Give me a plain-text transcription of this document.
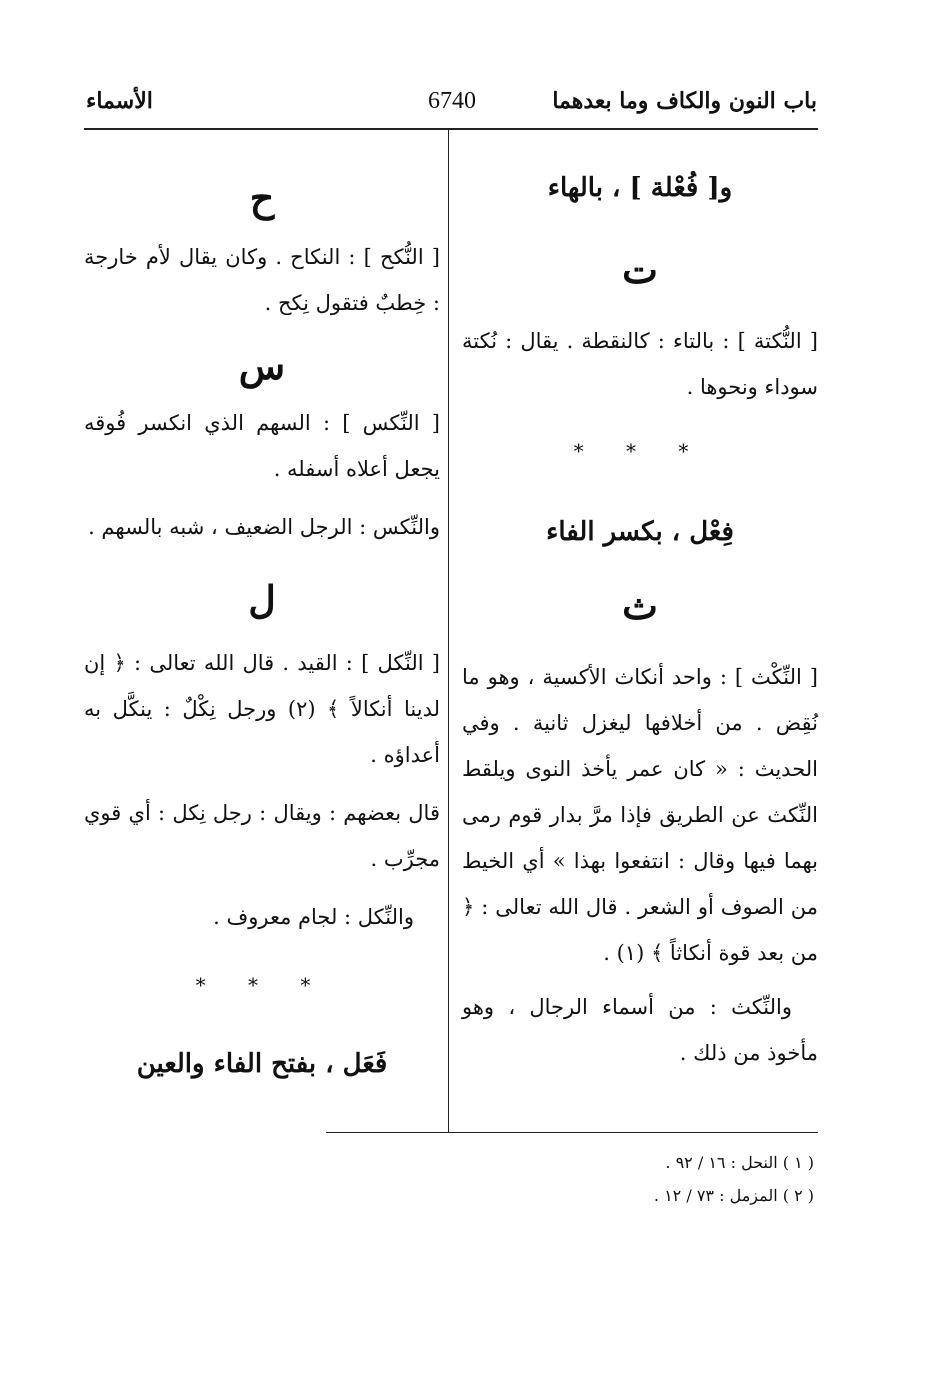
باب النون والكاف وما بعدهما
6740
الأسماء

و[ فُعْلة ] ، بالهاء

ت

[ النُّكتة ] : بالتاء : كالنقطة . يقال : نُكتة سوداء ونحوها .

* * *

فِعْل ، بكسر الفاء

ث

[ النِّكْث ] : واحد أنكاث الأكسية ، وهو ما نُقِض . من أخلافها ليغزل ثانية . وفي الحديث : « كان عمر يأخذ النوى ويلقط النِّكث عن الطريق فإذا مرَّ بدار قوم رمى بهما فيها وقال : انتفعوا بهذا » أي الخيط من الصوف أو الشعر . قال الله تعالى : ﴿ من بعد قوة أنكاثاً ﴾ (١) .

والنِّكث : من أسماء الرجال ، وهو مأخوذ من ذلك .

ح

[ النُّكح ] : النكاح . وكان يقال لأم خارجة : خِطبٌ فتقول نِكح .

س

[ النِّكس ] : السهم الذي انكسر فُوقه يجعل أعلاه أسفله .

والنِّكس : الرجل الضعيف ، شبه بالسهم .

ل

[ النِّكل ] : القيد . قال الله تعالى : ﴿ إن لدينا أنكالاً ﴾ (٢) ورجل نِكْلٌ : ينكَّل به أعداؤه .

قال بعضهم : ويقال : رجل نِكل : أي قوي مجرِّب .

والنِّكل : لجام معروف .

* * *

فَعَل ، بفتح الفاء والعين

( ١ ) النحل : ١٦ / ٩٢ .
( ٢ ) المزمل : ٧٣ / ١٢ .
